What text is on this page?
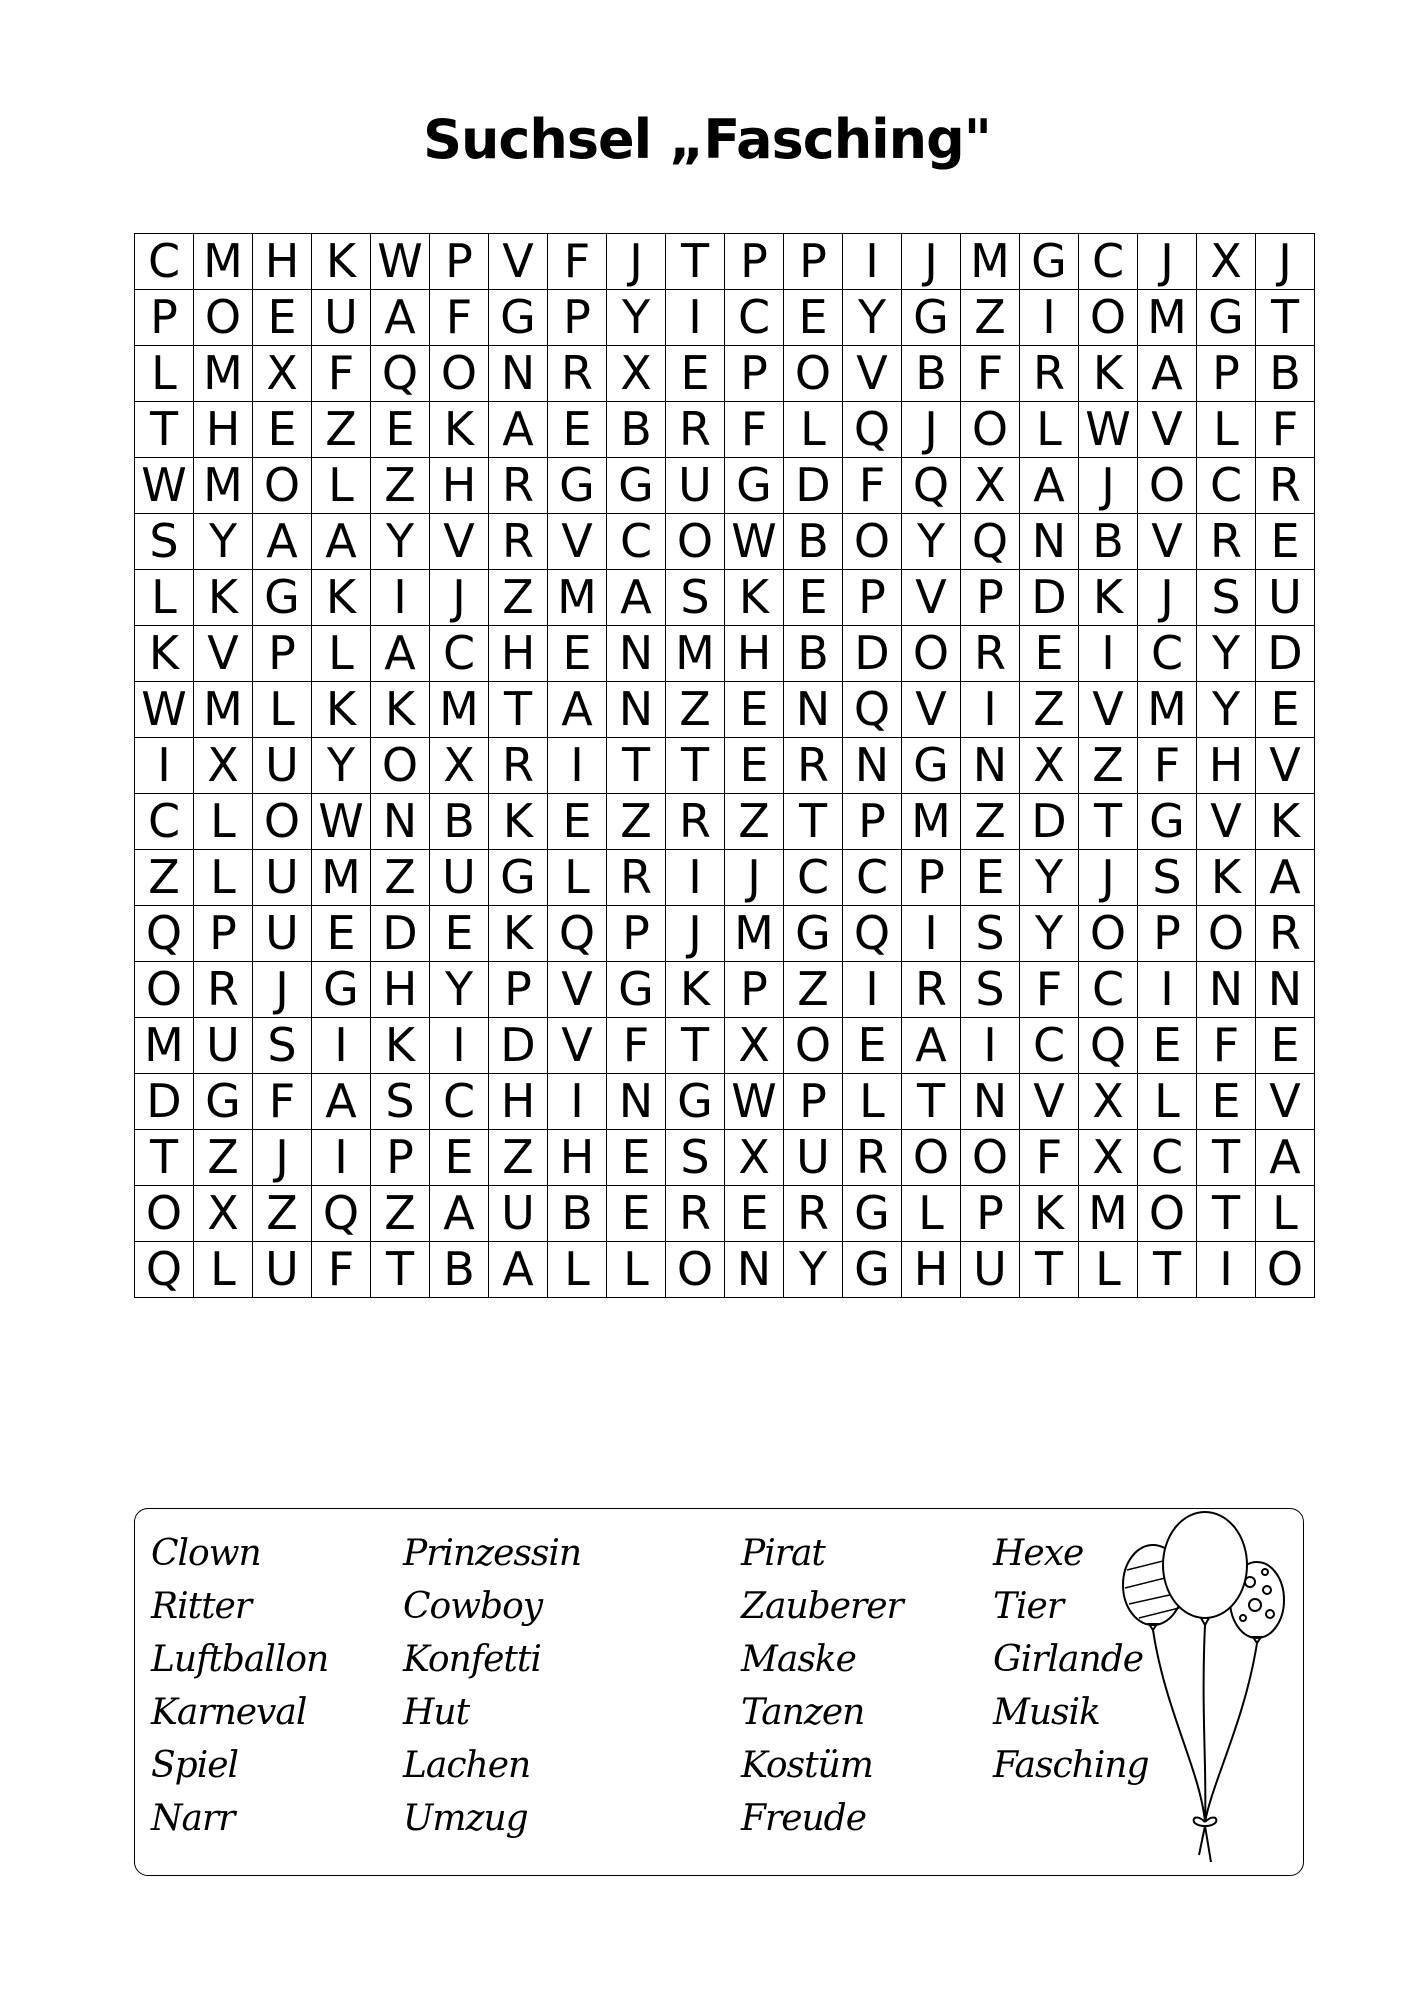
Suchsel „Fasching"
C	M	H	K	W	P	V	F	J	T	P	P	I	J	M	G	C	J	X	J
P	O	E	U	A	F	G	P	Y	I	C	E	Y	G	Z	I	O	M	G	T
L	M	X	F	Q	O	N	R	X	E	P	O	V	B	F	R	K	A	P	B
T	H	E	Z	E	K	A	E	B	R	F	L	Q	J	O	L	W	V	L	F
W	M	O	L	Z	H	R	G	G	U	G	D	F	Q	X	A	J	O	C	R
S	Y	A	A	Y	V	R	V	C	O	W	B	O	Y	Q	N	B	V	R	E
L	K	G	K	I	J	Z	M	A	S	K	E	P	V	P	D	K	J	S	U
K	V	P	L	A	C	H	E	N	M	H	B	D	O	R	E	I	C	Y	D
W	M	L	K	K	M	T	A	N	Z	E	N	Q	V	I	Z	V	M	Y	E
I	X	U	Y	O	X	R	I	T	T	E	R	N	G	N	X	Z	F	H	V
C	L	O	W	N	B	K	E	Z	R	Z	T	P	M	Z	D	T	G	V	K
Z	L	U	M	Z	U	G	L	R	I	J	C	C	P	E	Y	J	S	K	A
Q	P	U	E	D	E	K	Q	P	J	M	G	Q	I	S	Y	O	P	O	R
O	R	J	G	H	Y	P	V	G	K	P	Z	I	R	S	F	C	I	N	N
M	U	S	I	K	I	D	V	F	T	X	O	E	A	I	C	Q	E	F	E
D	G	F	A	S	C	H	I	N	G	W	P	L	T	N	V	X	L	E	V
T	Z	J	I	P	E	Z	H	E	S	X	U	R	O	O	F	X	C	T	A
O	X	Z	Q	Z	A	U	B	E	R	E	R	G	L	P	K	M	O	T	L
Q	L	U	F	T	B	A	L	L	O	N	Y	G	H	U	T	L	T	I	O
Clown
Ritter
Luftballon
Karneval
Spiel
Narr
Prinzessin
Cowboy
Konfetti
Hut
Lachen
Umzug
Pirat
Zauberer
Maske
Tanzen
Kostüm
Freude
Hexe
Tier
Girlande
Musik
Fasching
